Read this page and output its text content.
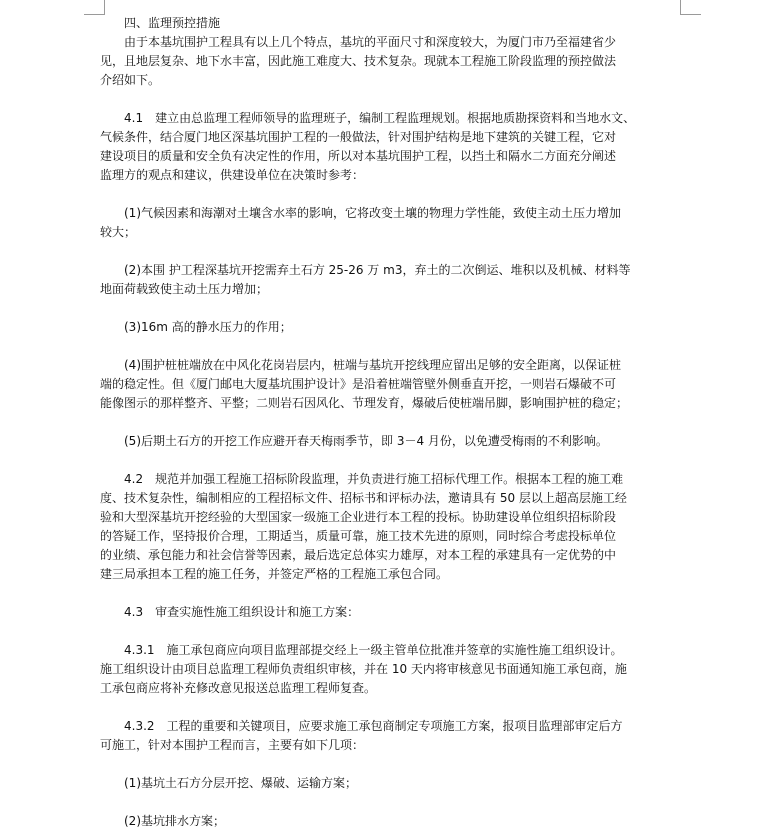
四、监理预控措施

由于本基坑围护工程具有以上几个特点，基坑的平面尺寸和深度较大，为厦门市乃至福建省少
见，且地层复杂、地下水丰富，因此施工难度大、技术复杂。现就本工程施工阶段监理的预控做法
介绍如下。
4.1　建立由总监理工程师领导的监理班子，编制工程监理规划。根据地质勘探资料和当地水文、
气候条件，结合厦门地区深基坑围护工程的一般做法，针对围护结构是地下建筑的关键工程，它对
建设项目的质量和安全负有决定性的作用，所以对本基坑围护工程，以挡土和隔水二方面充分阐述
监理方的观点和建议，供建设单位在决策时参考：
(1)气候因素和海潮对土壤含水率的影响，它将改变土壤的物理力学性能，致使主动土压力增加
较大；
(2)本围 护工程深基坑开挖需弃土石方 25-26 万 m3，弃土的二次倒运、堆积以及机械、材料等
地面荷载致使主动土压力增加；
(3)16m 高的静水压力的作用；
(4)围护桩桩端放在中风化花岗岩层内，桩端与基坑开挖线理应留出足够的安全距离，以保证桩
端的稳定性。但《厦门邮电大厦基坑围护设计》是沿着桩端管壁外侧垂直开挖，一则岩石爆破不可
能像图示的那样整齐、平整；二则岩石因风化、节理发育，爆破后使桩端吊脚，影响围护桩的稳定；
(5)后期土石方的开挖工作应避开春天梅雨季节，即 3－4 月份，以免遭受梅雨的不利影响。
4.2　规范并加强工程施工招标阶段监理，并负责进行施工招标代理工作。根据本工程的施工难
度、技术复杂性，编制相应的工程招标文件、招标书和评标办法，邀请具有 50 层以上超高层施工经
验和大型深基坑开挖经验的大型国家一级施工企业进行本工程的投标。协助建设单位组织招标阶段
的答疑工作，坚持报价合理，工期适当，质量可靠，施工技术先进的原则，同时综合考虑投标单位
的业绩、承包能力和社会信誉等因素，最后选定总体实力雄厚，对本工程的承建具有一定优势的中
建三局承担本工程的施工任务，并签定严格的工程施工承包合同。
4.3　审查实施性施工组织设计和施工方案：
4.3.1　施工承包商应向项目监理部提交经上一级主管单位批准并签章的实施性施工组织设计。
施工组织设计由项目总监理工程师负责组织审核，并在 10 天内将审核意见书面通知施工承包商，施
工承包商应将补充修改意见报送总监理工程师复查。
4.3.2　工程的重要和关键项目，应要求施工承包商制定专项施工方案，报项目监理部审定后方
可施工，针对本围护工程而言，主要有如下几项：
(1)基坑土石方分层开挖、爆破、运输方案；
(2)基坑排水方案；
